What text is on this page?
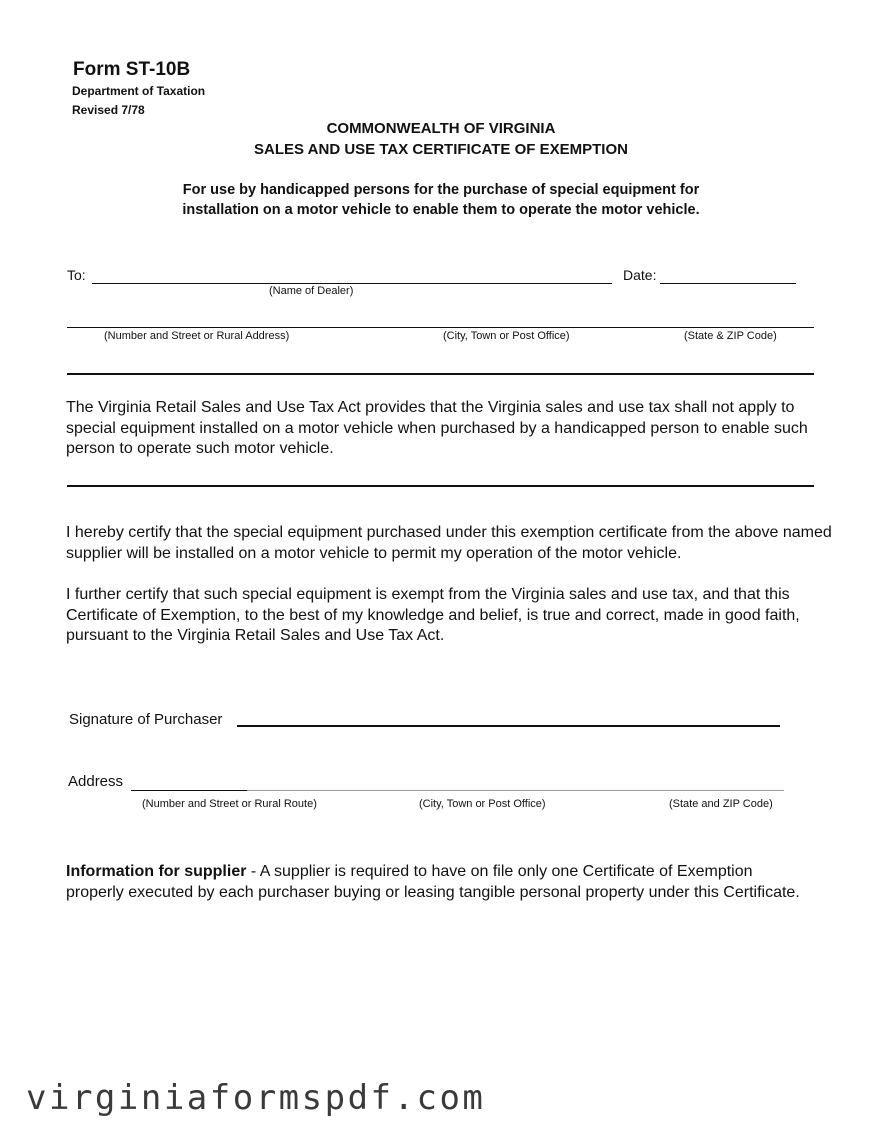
Form ST-10B
Department of Taxation
Revised 7/78
COMMONWEALTH OF VIRGINIA
SALES AND USE TAX CERTIFICATE OF EXEMPTION
For use by handicapped persons for the purchase of special equipment for
installation on a motor vehicle to enable them to operate the motor vehicle.
To:
(Name of Dealer)
Date:
(Number and Street or Rural Address)	(City, Town or Post Office)	(State & ZIP Code)
The Virginia Retail Sales and Use Tax Act provides that the Virginia sales and use tax shall not apply to special equipment installed on a motor vehicle when purchased by a handicapped person to enable such person to operate such motor vehicle.
I hereby certify that the special equipment purchased under this exemption certificate from the above named supplier will be installed on a motor vehicle to permit my operation of the motor vehicle.
I further certify that such special equipment is exempt from the Virginia sales and use tax, and that this Certificate of Exemption, to the best of my knowledge and belief, is true and correct, made in good faith, pursuant to the Virginia Retail Sales and Use Tax Act.
Signature of Purchaser
Address
(Number and Street or Rural Route)	(City, Town or Post Office)	(State and ZIP Code)
Information for supplier - A supplier is required to have on file only one Certificate of Exemption properly executed by each purchaser buying or leasing tangible personal property under this Certificate.
virginiaformspdf.com
